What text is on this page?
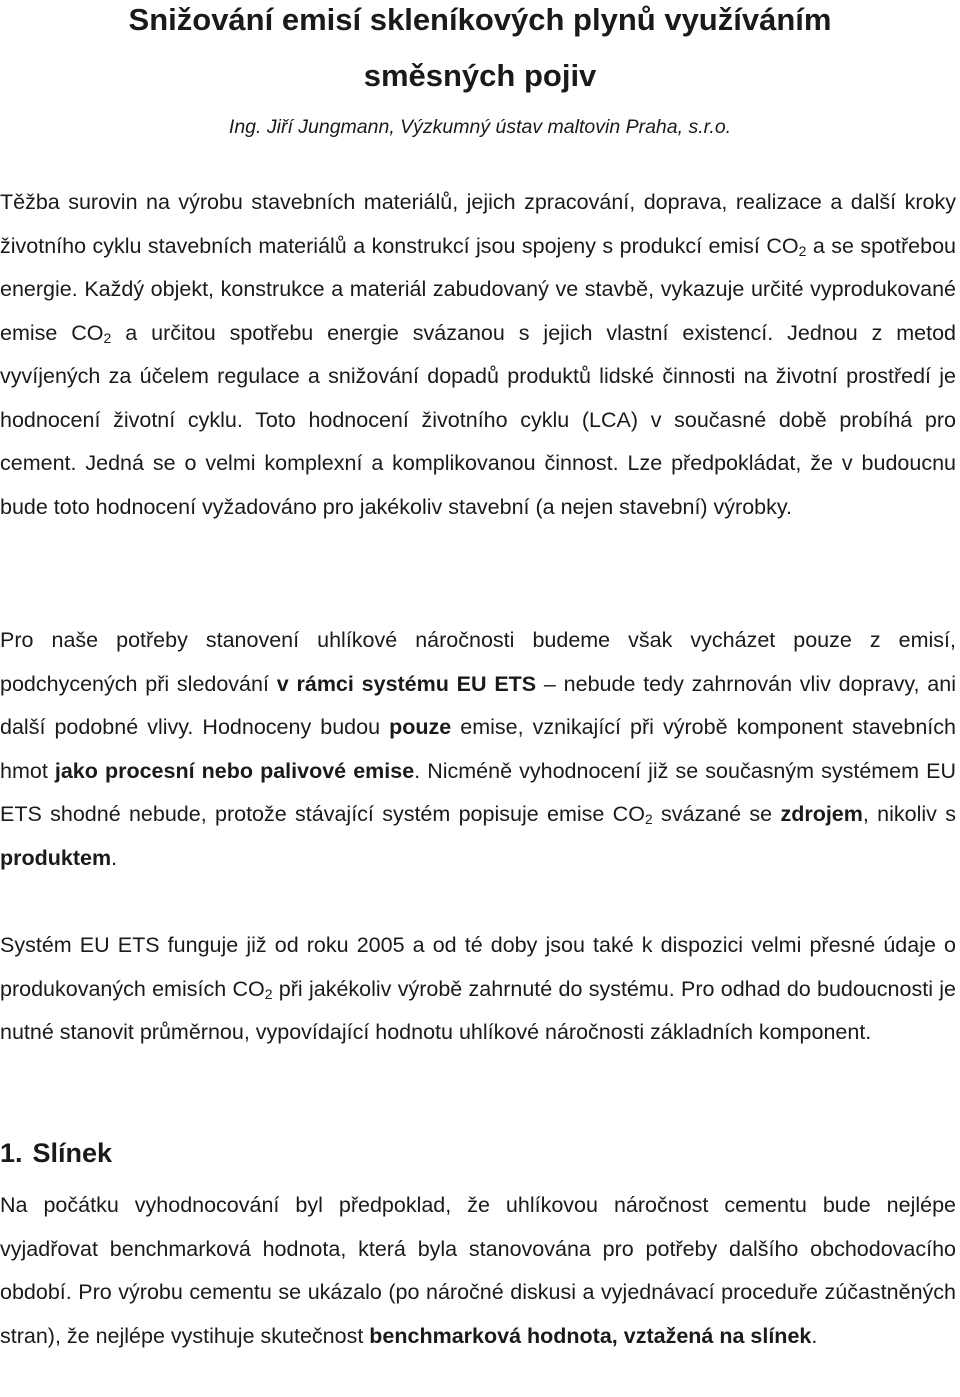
Snižování emisí skleníkových plynů využíváním
směsných pojiv
Ing. Jiří Jungmann, Výzkumný ústav maltovin Praha, s.r.o.

Těžba surovin na výrobu stavebních materiálů, jejich zpracování, doprava, realizace a další kroky životního cyklu stavebních materiálů a konstrukcí jsou spojeny s produkcí emisí $CO_2$ a se spotřebou energie. Každý objekt, konstrukce a materiál zabudovaný ve stavbě, vykazuje určité vyprodukované emise $CO_2$ a určitou spotřebu energie svázanou s jejich vlastní existencí. Jednou z metod vyvíjených za účelem regulace a snižování dopadů produktů lidské činnosti na životní prostředí je hodnocení životní cyklu. Toto hodnocení životního cyklu (LCA) v současné době probíhá pro cement. Jedná se o velmi komplexní a komplikovanou činnost. Lze předpokládat, že v budoucnu bude toto hodnocení vyžadováno pro jakékoliv stavební (a nejen stavební) výrobky.

Pro naše potřeby stanovení uhlíkové náročnosti budeme však vycházet pouze z emisí, podchycených při sledování v rámci systému EU ETS – nebude tedy zahrnován vliv dopravy, ani další podobné vlivy. Hodnoceny budou pouze emise, vznikající při výrobě komponent stavebních hmot jako procesní nebo palivové emise. Nicméně vyhodnocení již se současným systémem EU ETS shodné nebude, protože stávající systém popisuje emise $CO_2$ svázané se zdrojem, nikoliv s produktem.

Systém EU ETS funguje již od roku 2005 a od té doby jsou také k dispozici velmi přesné údaje o produkovaných emisích $CO_2$ při jakékoliv výrobě zahrnuté do systému. Pro odhad do budoucnosti je nutné stanovit průměrnou, vypovídající hodnotu uhlíkové náročnosti základních komponent.

1. Slínek

Na počátku vyhodnocování byl předpoklad, že uhlíkovou náročnost cementu bude nejlépe vyjadřovat benchmarková hodnota, která byla stanovována pro potřeby dalšího obchodovacího období. Pro výrobu cementu se ukázalo (po náročné diskusi a vyjednávací proceduře zúčastněných stran), že nejlépe vystihuje skutečnost benchmarková hodnota, vztažená na slínek.
